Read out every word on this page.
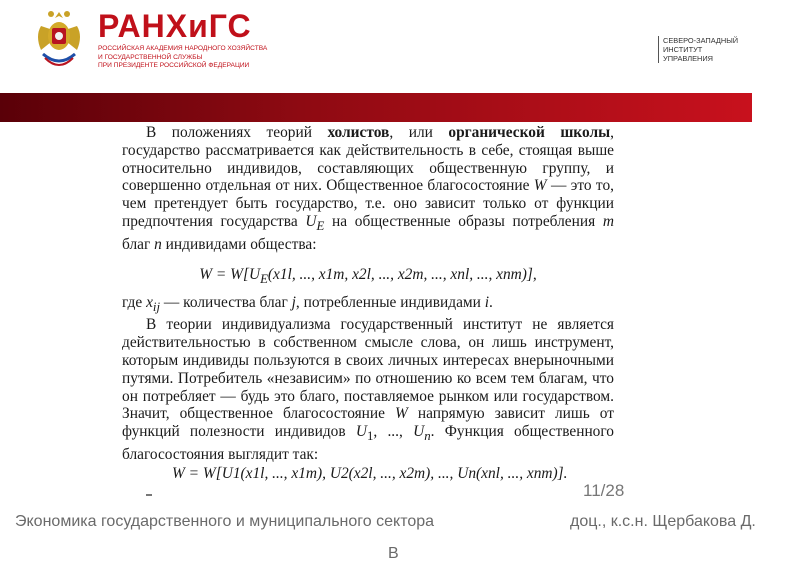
РАНХиГС
РОССИЙСКАЯ АКАДЕМИЯ НАРОДНОГО ХОЗЯЙСТВА
И ГОСУДАРСТВЕННОЙ СЛУЖБЫ
ПРИ ПРЕЗИДЕНТЕ РОССИЙСКОЙ ФЕДЕРАЦИИ
СЕВЕРО-ЗАПАДНЫЙ
ИНСТИТУТ
УПРАВЛЕНИЯ

В положениях теорий холистов, или органической школы, государство рассматривается как действительность в себе, стоящая выше относительно индивидов, составляющих общественную группу, и совершенно отдельная от них. Общественное благосостояние W — это то, чем претендует быть государство, т.е. оно зависит только от функции предпочтения государства $U_E$ на общественные образы потребления m благ n индивидами общества:

$W = W[U_E(x1l$, ..., x1m, x2l, ..., x2m, ..., xnl, ..., xnm)],

где $x_{ij}$ — количества благ j, потребленные индивидами i.

В теории индивидуализма государственный институт не является действительностью в собственном смысле слова, он лишь инструмент, которым индивиды пользуются в своих личных интересах внерыночными путями. Потребитель «независим» по отношению ко всем тем благам, что он потребляет — будь это благо, поставляемое рынком или государством. Значит, общественное благосостояние W напрямую зависит лишь от функций полезности индивидов $U_1$, ..., $U_n$. Функция общественного благосостояния выглядит так:

W = W[U1(x1l, ..., x1m), U2(x2l, ..., x2m), ..., Un(xnl, ..., xnm)].
11/28
Экономика государственного и муниципального сектора	доц., к.с.н. Щербакова Д.
В
